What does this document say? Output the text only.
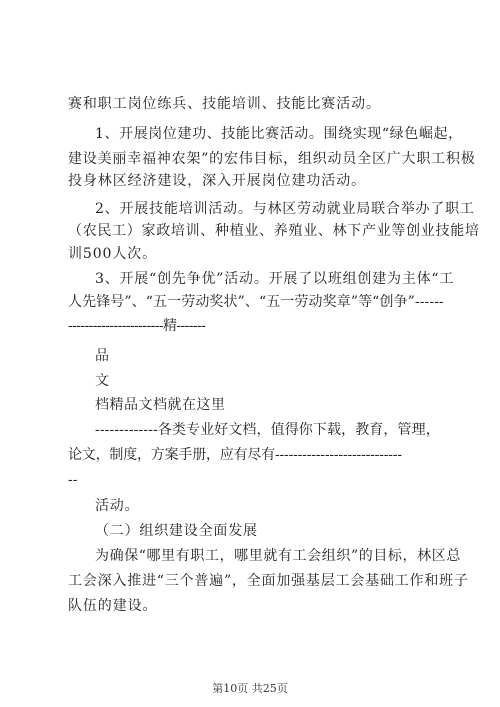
赛和职工岗位练兵、技能培训、技能比赛活动。
1、开展岗位建功、技能比赛活动。围绕实现“绿色崛起，
建设美丽幸福神农架”的宏伟目标，组织动员全区广大职工积极
投身林区经济建设，深入开展岗位建功活动。
2、开展技能培训活动。与林区劳动就业局联合举办了职工
（农民工）家政培训、种植业、养殖业、林下产业等创业技能培
训500人次。
3、开展“创先争优”活动。开展了以班组创建为主体“工
人先锋号”、“五一劳动奖状”、“五一劳动奖章”等“创争”------
-----------------------精-------
品
文
档精品文档就在这里
-------------各类专业好文档，值得你下载，教育，管理，
论文，制度，方案手册，应有尽有----------------------------
--
活动。
（二）组织建设全面发展
为确保“哪里有职工，哪里就有工会组织”的目标，林区总
工会深入推进“三个普遍”，全面加强基层工会基础工作和班子
队伍的建设。
第10页 共25页
